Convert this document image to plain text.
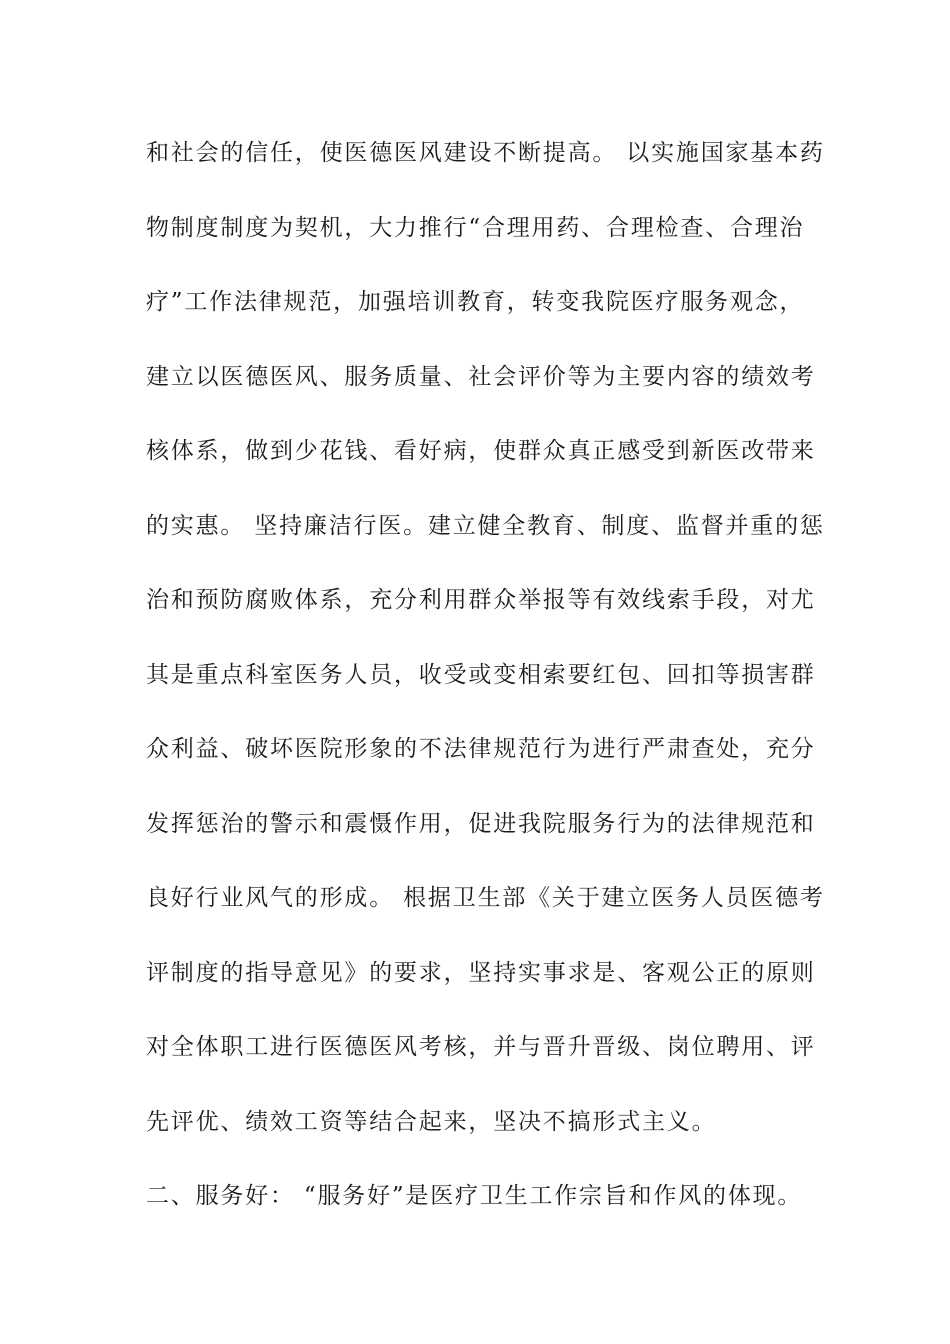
和社会的信任，使医德医风建设不断提高。 以实施国家基本药
物制度制度为契机，大力推行“合理用药、合理检查、合理治
疗”工作法律规范，加强培训教育，转变我院医疗服务观念，
建立以医德医风、服务质量、社会评价等为主要内容的绩效考
核体系，做到少花钱、看好病，使群众真正感受到新医改带来
的实惠。 坚持廉洁行医。建立健全教育、制度、监督并重的惩
治和预防腐败体系，充分利用群众举报等有效线索手段，对尤
其是重点科室医务人员，收受或变相索要红包、回扣等损害群
众利益、破坏医院形象的不法律规范行为进行严肃查处，充分
发挥惩治的警示和震慑作用，促进我院服务行为的法律规范和
良好行业风气的形成。 根据卫生部《关于建立医务人员医德考
评制度的指导意见》的要求，坚持实事求是、客观公正的原则
对全体职工进行医德医风考核，并与晋升晋级、岗位聘用、评
先评优、绩效工资等结合起来，坚决不搞形式主义。
二、服务好： “服务好”是医疗卫生工作宗旨和作风的体现。
